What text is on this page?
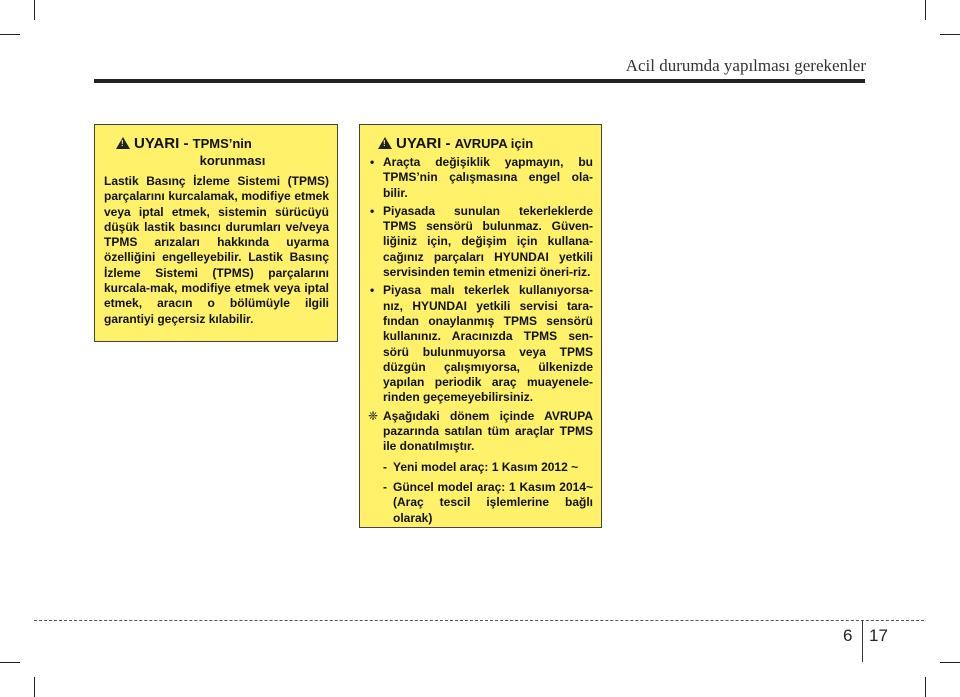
Acil durumda yapılması gerekenler
!UYARI - TPMS’nin
korunması
Lastik Basınç İzleme Sistemi (TPMS) parçalarını kurcalamak, modifiye etmek veya iptal etmek, sistemin sürücüyü düşük lastik basıncı durumları ve/veya TPMS arızaları hakkında uyarma özelliğini engelleyebilir. Lastik Basınç İzleme Sistemi (TPMS) parçalarını kurcala-mak, modifiye etmek veya iptal etmek, aracın o bölümüyle ilgili garantiyi geçersiz kılabilir.
!UYARI - AVRUPA için
• Araçta değişiklik yapmayın, bu TPMS’nin çalışmasına engel ola-bilir.
• Piyasada sunulan tekerleklerde TPMS sensörü bulunmaz. Güven-liğiniz için, değişim için kullana-cağınız parçaları HYUNDAI yetkili servisinden temin etmenizi öneri-riz.
• Piyasa malı tekerlek kullanıyorsa-nız, HYUNDAI yetkili servisi tara-fından onaylanmış TPMS sensörü kullanınız. Aracınızda TPMS sen-sörü bulunmuyorsa veya TPMS düzgün çalışmıyorsa, ülkenizde yapılan periodik araç muayenele-rinden geçemeyebilirsiniz.
❈ Aşağıdaki dönem içinde AVRUPA pazarında satılan tüm araçlar TPMS ile donatılmıştır.
- Yeni model araç: 1 Kasım 2012 ~
- Güncel model araç: 1 Kasım 2014~ (Araç tescil işlemlerine bağlı olarak)
6 17
